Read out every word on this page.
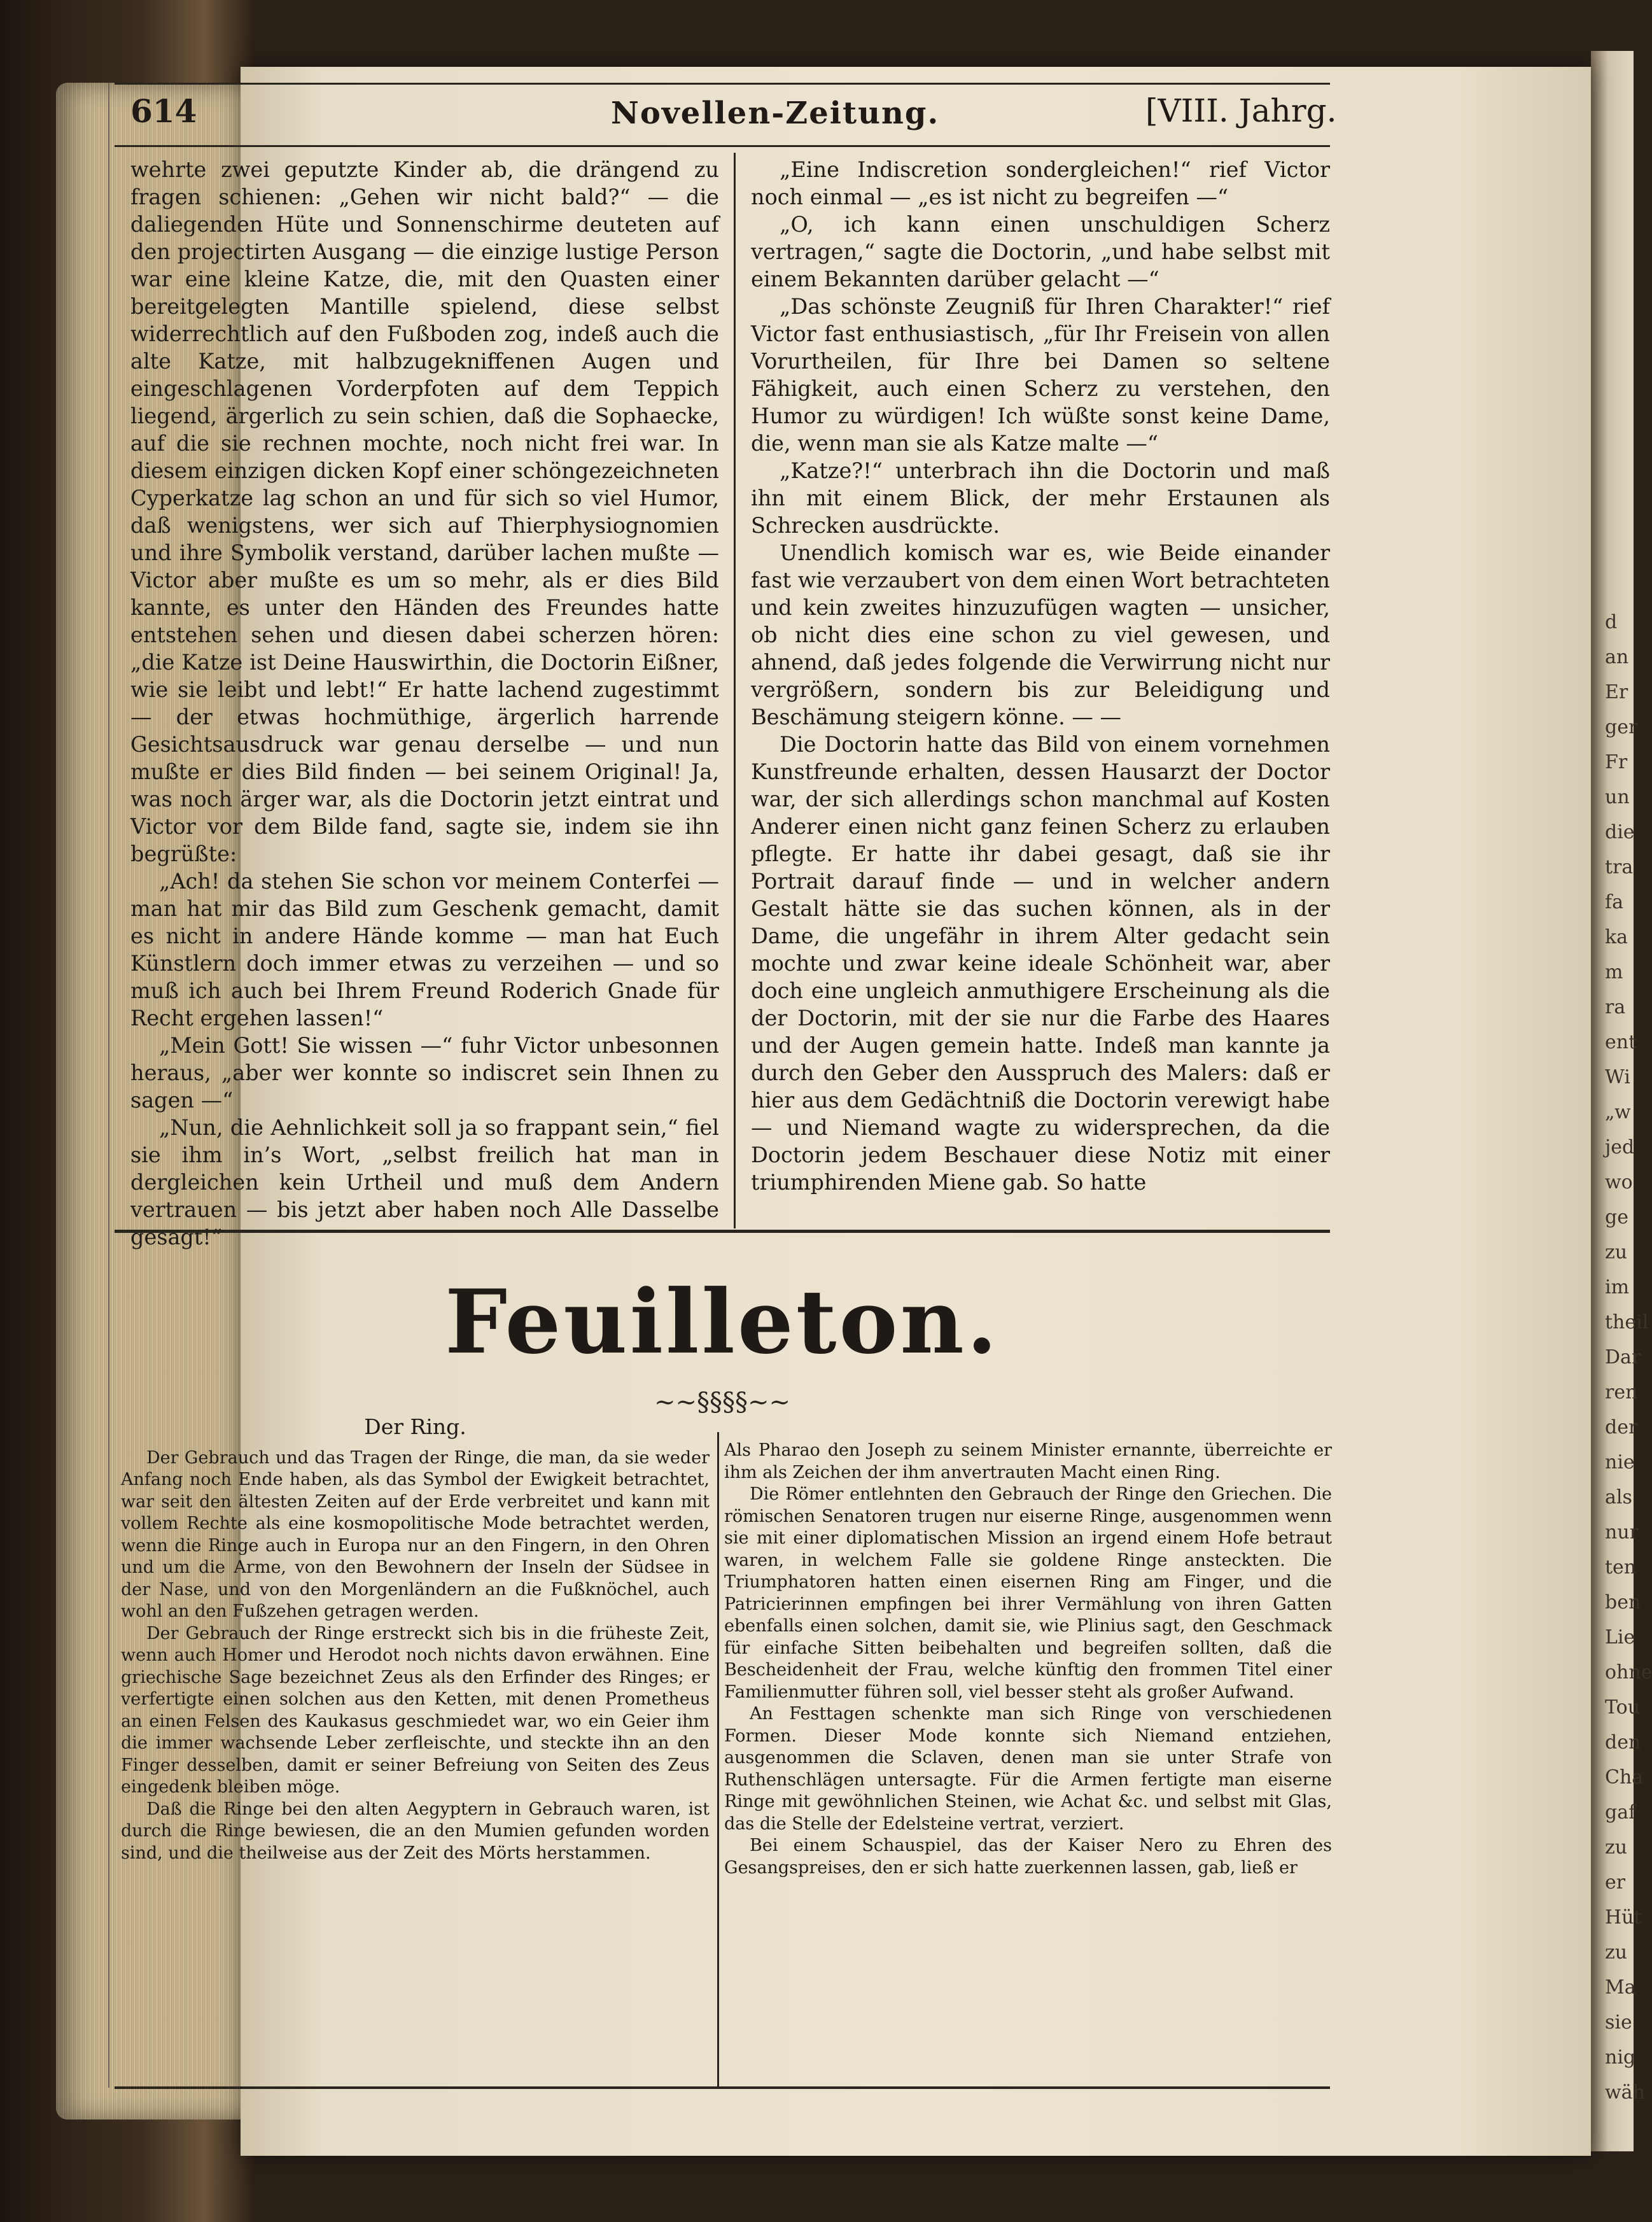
d
an
Er
ger
Fr
un
die
tra
fa
ka
m
ra
ent
Wi
„w
jed
wo
ge
zu
im
theil
Dar
ren
der
nie
als
nur
ten
ben
Lie
ohne
Tou
den
Cha
gaf
zu
er
Hüt
zu
Ma
sie
nig
wäh
614	Novellen-Zeitung.	[VIII. Jahrg.

wehrte zwei geputzte Kinder ab, die drängend zu fragen schienen: „Gehen wir nicht bald?“ — die daliegenden Hüte und Sonnenschirme deuteten auf den projectirten Ausgang — die einzige lustige Person war eine kleine Katze, die, mit den Quasten einer bereitgelegten Mantille spielend, diese selbst widerrechtlich auf den Fußboden zog, indeß auch die alte Katze, mit halbzugekniffenen Augen und eingeschlagenen Vorderpfoten auf dem Teppich liegend, ärgerlich zu sein schien, daß die Sophaecke, auf die sie rechnen mochte, noch nicht frei war. In diesem einzigen dicken Kopf einer schöngezeichneten Cyperkatze lag schon an und für sich so viel Humor, daß wenigstens, wer sich auf Thierphysiognomien und ihre Symbolik verstand, darüber lachen mußte — Victor aber mußte es um so mehr, als er dies Bild kannte, es unter den Händen des Freundes hatte entstehen sehen und diesen dabei scherzen hören: „die Katze ist Deine Hauswirthin, die Doctorin Eißner, wie sie leibt und lebt!“ Er hatte lachend zugestimmt — der etwas hochmüthige, ärgerlich harrende Gesichtsausdruck war genau derselbe — und nun mußte er dies Bild finden — bei seinem Original! Ja, was noch ärger war, als die Doctorin jetzt eintrat und Victor vor dem Bilde fand, sagte sie, indem sie ihn begrüßte:

„Ach! da stehen Sie schon vor meinem Conterfei — man hat mir das Bild zum Geschenk gemacht, damit es nicht in andere Hände komme — man hat Euch Künstlern doch immer etwas zu verzeihen — und so muß ich auch bei Ihrem Freund Roderich Gnade für Recht ergehen lassen!“

„Mein Gott! Sie wissen —“ fuhr Victor unbesonnen heraus, „aber wer konnte so indiscret sein Ihnen zu sagen —“

„Nun, die Aehnlichkeit soll ja so frappant sein,“ fiel sie ihm in’s Wort, „selbst freilich hat man in dergleichen kein Urtheil und muß dem Andern vertrauen — bis jetzt aber haben noch Alle Dasselbe gesagt!“

„Eine Indiscretion sondergleichen!“ rief Victor noch einmal — „es ist nicht zu begreifen —“

„O, ich kann einen unschuldigen Scherz vertragen,“ sagte die Doctorin, „und habe selbst mit einem Bekannten darüber gelacht —“

„Das schönste Zeugniß für Ihren Charakter!“ rief Victor fast enthusiastisch, „für Ihr Freisein von allen Vorurtheilen, für Ihre bei Damen so seltene Fähigkeit, auch einen Scherz zu verstehen, den Humor zu würdigen! Ich wüßte sonst keine Dame, die, wenn man sie als Katze malte —“

„Katze?!“ unterbrach ihn die Doctorin und maß ihn mit einem Blick, der mehr Erstaunen als Schrecken ausdrückte.

Unendlich komisch war es, wie Beide einander fast wie verzaubert von dem einen Wort betrachteten und kein zweites hinzuzufügen wagten — unsicher, ob nicht dies eine schon zu viel gewesen, und ahnend, daß jedes folgende die Verwirrung nicht nur vergrößern, sondern bis zur Beleidigung und Beschämung steigern könne. — —

Die Doctorin hatte das Bild von einem vornehmen Kunstfreunde erhalten, dessen Hausarzt der Doctor war, der sich allerdings schon manchmal auf Kosten Anderer einen nicht ganz feinen Scherz zu erlauben pflegte. Er hatte ihr dabei gesagt, daß sie ihr Portrait darauf finde — und in welcher andern Gestalt hätte sie das suchen können, als in der Dame, die ungefähr in ihrem Alter gedacht sein mochte und zwar keine ideale Schönheit war, aber doch eine ungleich anmuthigere Erscheinung als die der Doctorin, mit der sie nur die Farbe des Haares und der Augen gemein hatte. Indeß man kannte ja durch den Geber den Ausspruch des Malers: daß er hier aus dem Gedächtniß die Doctorin verewigt habe — und Niemand wagte zu widersprechen, da die Doctorin jedem Beschauer diese Notiz mit einer triumphirenden Miene gab. So hatte

Feuilleton.
~~§§§§~~

Der Ring.

Der Gebrauch und das Tragen der Ringe, die man, da sie weder Anfang noch Ende haben, als das Symbol der Ewigkeit betrachtet, war seit den ältesten Zeiten auf der Erde verbreitet und kann mit vollem Rechte als eine kosmopolitische Mode betrachtet werden, wenn die Ringe auch in Europa nur an den Fingern, in den Ohren und um die Arme, von den Bewohnern der Inseln der Südsee in der Nase, und von den Morgenländern an die Fußknöchel, auch wohl an den Fußzehen getragen werden.

Der Gebrauch der Ringe erstreckt sich bis in die früheste Zeit, wenn auch Homer und Herodot noch nichts davon erwähnen. Eine griechische Sage bezeichnet Zeus als den Erfinder des Ringes; er verfertigte einen solchen aus den Ketten, mit denen Prometheus an einen Felsen des Kaukasus geschmiedet war, wo ein Geier ihm die immer wachsende Leber zerfleischte, und steckte ihn an den Finger desselben, damit er seiner Befreiung von Seiten des Zeus eingedenk bleiben möge.

Daß die Ringe bei den alten Aegyptern in Gebrauch waren, ist durch die Ringe bewiesen, die an den Mumien gefunden worden sind, und die theilweise aus der Zeit des Mörts herstammen.

Als Pharao den Joseph zu seinem Minister ernannte, überreichte er ihm als Zeichen der ihm anvertrauten Macht einen Ring.

Die Römer entlehnten den Gebrauch der Ringe den Griechen. Die römischen Senatoren trugen nur eiserne Ringe, ausgenommen wenn sie mit einer diplomatischen Mission an irgend einem Hofe betraut waren, in welchem Falle sie goldene Ringe ansteckten. Die Triumphatoren hatten einen eisernen Ring am Finger, und die Patricierinnen empfingen bei ihrer Vermählung von ihren Gatten ebenfalls einen solchen, damit sie, wie Plinius sagt, den Geschmack für einfache Sitten beibehalten und begreifen sollten, daß die Bescheidenheit der Frau, welche künftig den frommen Titel einer Familienmutter führen soll, viel besser steht als großer Aufwand.

An Festtagen schenkte man sich Ringe von verschiedenen Formen. Dieser Mode konnte sich Niemand entziehen, ausgenommen die Sclaven, denen man sie unter Strafe von Ruthenschlägen untersagte. Für die Armen fertigte man eiserne Ringe mit gewöhnlichen Steinen, wie Achat &c. und selbst mit Glas, das die Stelle der Edelsteine vertrat, verziert.

Bei einem Schauspiel, das der Kaiser Nero zu Ehren des Gesangspreises, den er sich hatte zuerkennen lassen, gab, ließ er
